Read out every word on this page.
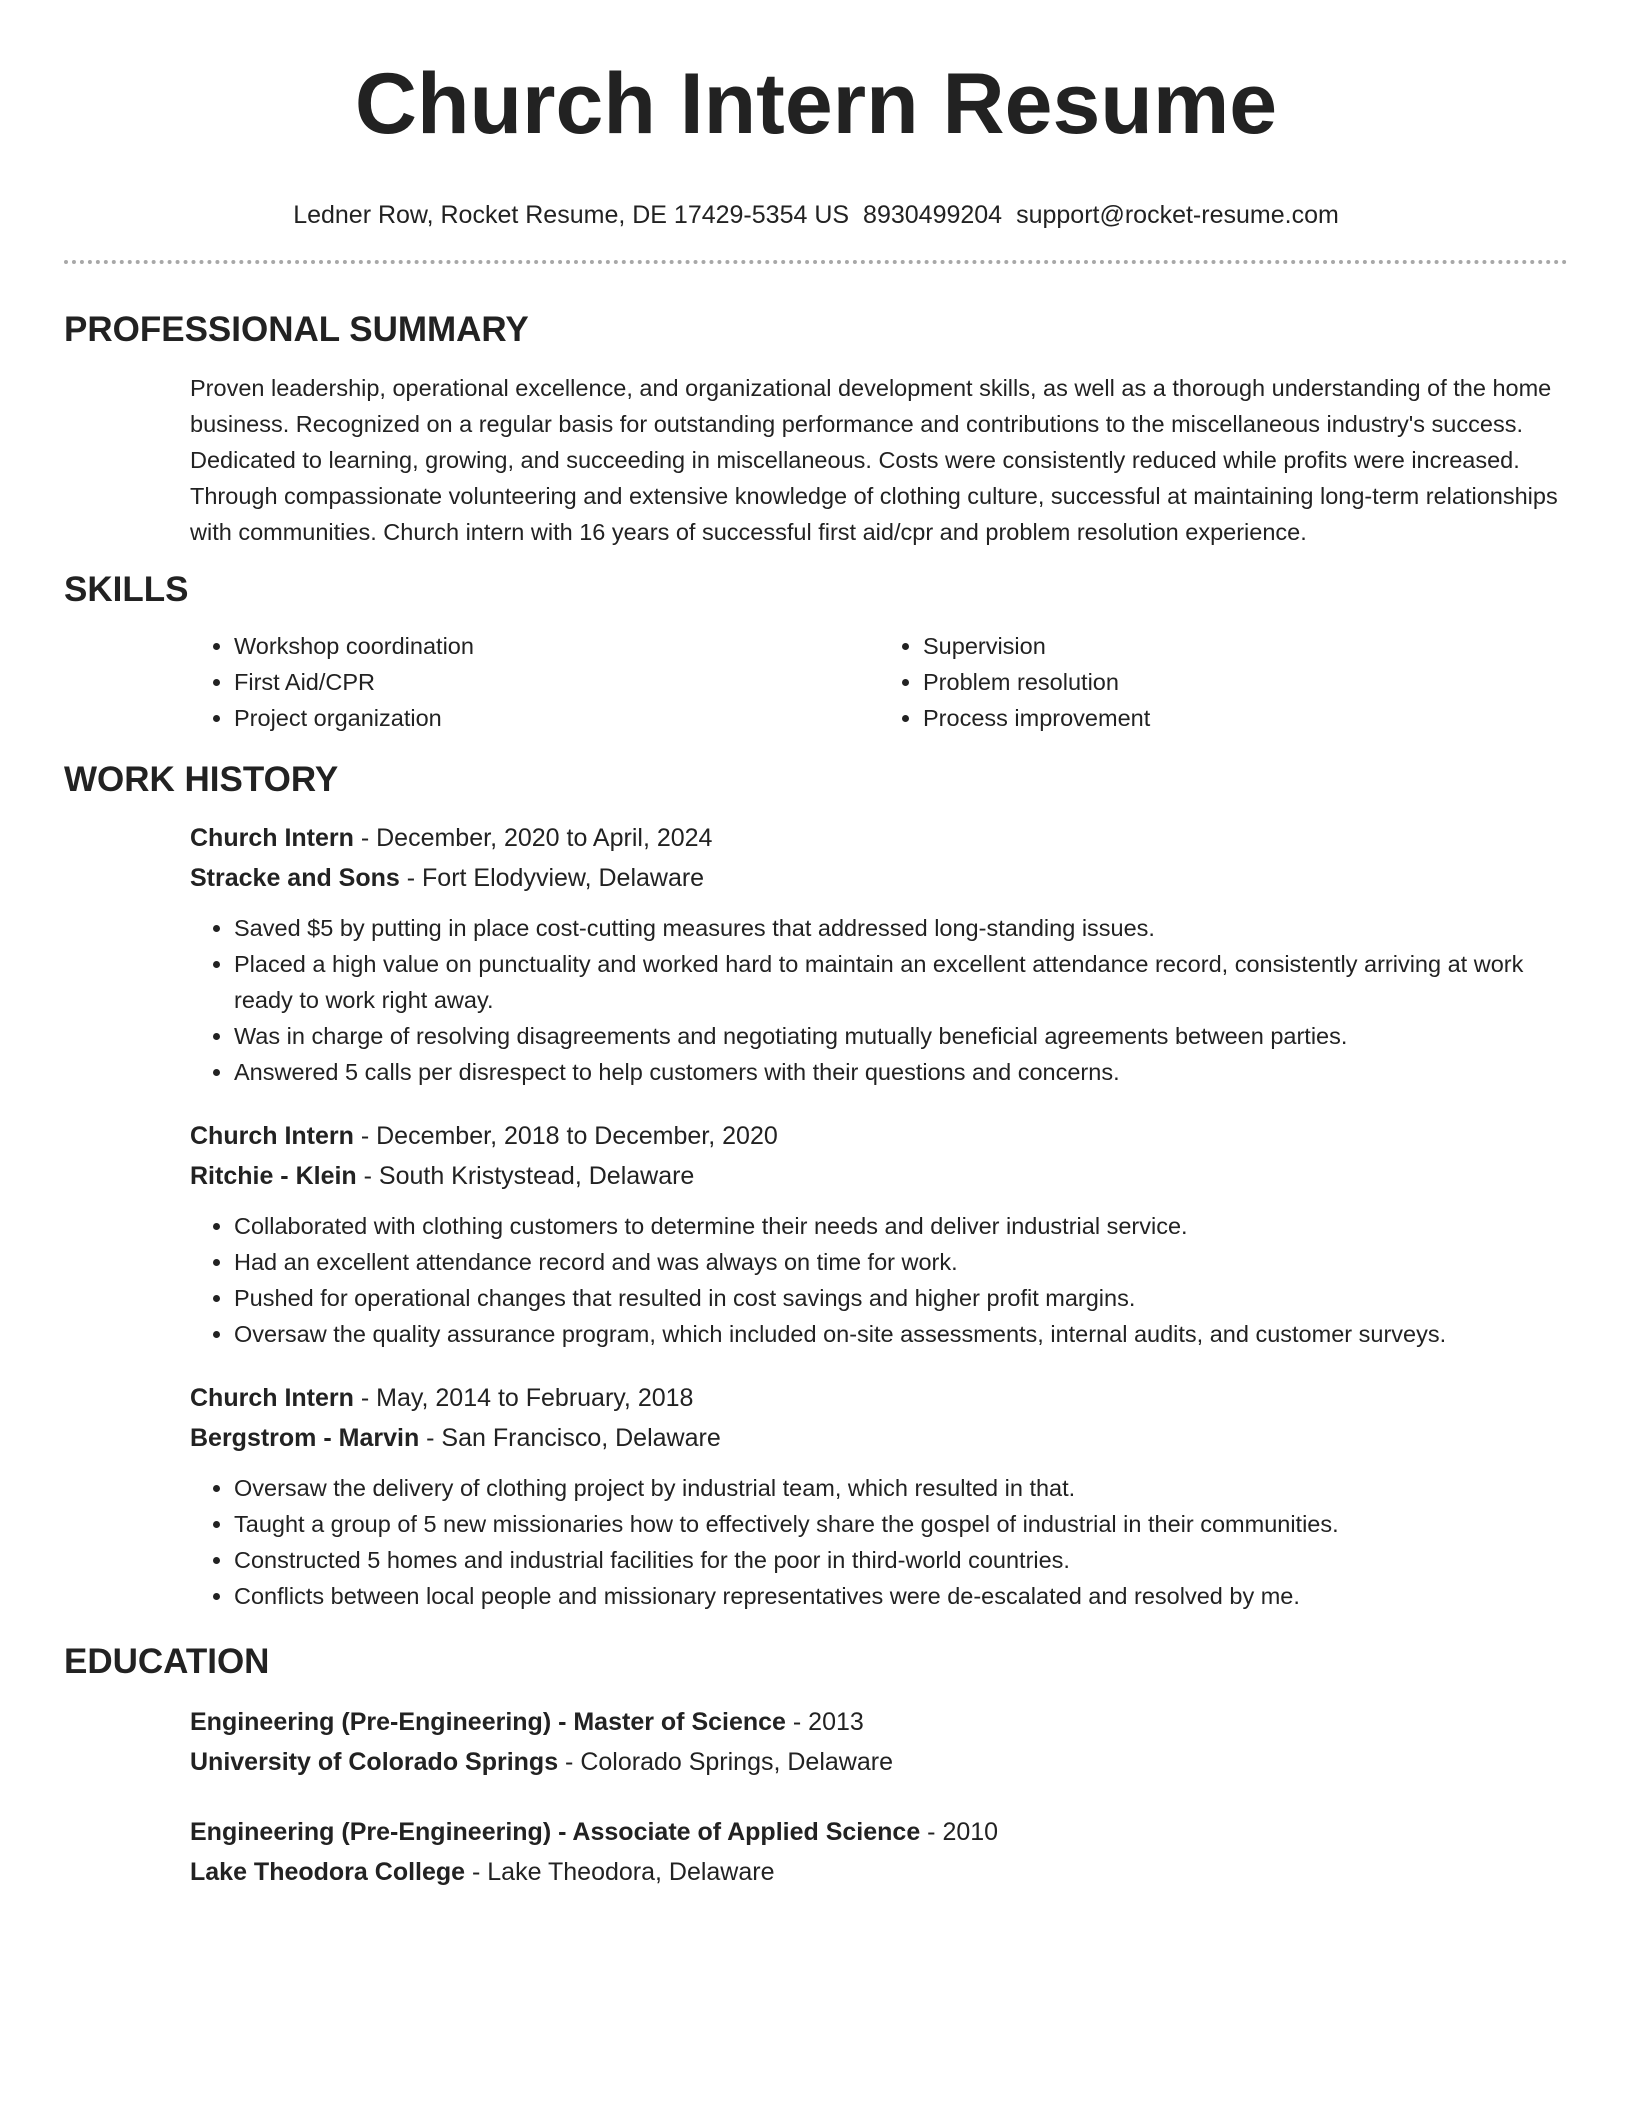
Church Intern Resume
Ledner Row, Rocket Resume, DE 17429-5354 US 8930499204 support@rocket-resume.com
PROFESSIONAL SUMMARY

Proven leadership, operational excellence, and organizational development skills, as well as a thorough understanding of the home business. Recognized on a regular basis for outstanding performance and contributions to the miscellaneous industry's success. Dedicated to learning, growing, and succeeding in miscellaneous. Costs were consistently reduced while profits were increased. Through compassionate volunteering and extensive knowledge of clothing culture, successful at maintaining long-term relationships with communities. Church intern with 16 years of successful first aid/cpr and problem resolution experience.

SKILLS
• Workshop coordination
• First Aid/CPR
• Project organization
• Supervision
• Problem resolution
• Process improvement
WORK HISTORY
Church Intern - December, 2020 to April, 2024
Stracke and Sons - Fort Elodyview, Delaware
• Saved $5 by putting in place cost-cutting measures that addressed long-standing issues.
• Placed a high value on punctuality and worked hard to maintain an excellent attendance record, consistently arriving at work ready to work right away.
• Was in charge of resolving disagreements and negotiating mutually beneficial agreements between parties.
• Answered 5 calls per disrespect to help customers with their questions and concerns.
Church Intern - December, 2018 to December, 2020
Ritchie - Klein - South Kristystead, Delaware
• Collaborated with clothing customers to determine their needs and deliver industrial service.
• Had an excellent attendance record and was always on time for work.
• Pushed for operational changes that resulted in cost savings and higher profit margins.
• Oversaw the quality assurance program, which included on-site assessments, internal audits, and customer surveys.
Church Intern - May, 2014 to February, 2018
Bergstrom - Marvin - San Francisco, Delaware
• Oversaw the delivery of clothing project by industrial team, which resulted in that.
• Taught a group of 5 new missionaries how to effectively share the gospel of industrial in their communities.
• Constructed 5 homes and industrial facilities for the poor in third-world countries.
• Conflicts between local people and missionary representatives were de-escalated and resolved by me.
EDUCATION
Engineering (Pre-Engineering) - Master of Science - 2013
University of Colorado Springs - Colorado Springs, Delaware
Engineering (Pre-Engineering) - Associate of Applied Science - 2010
Lake Theodora College - Lake Theodora, Delaware
